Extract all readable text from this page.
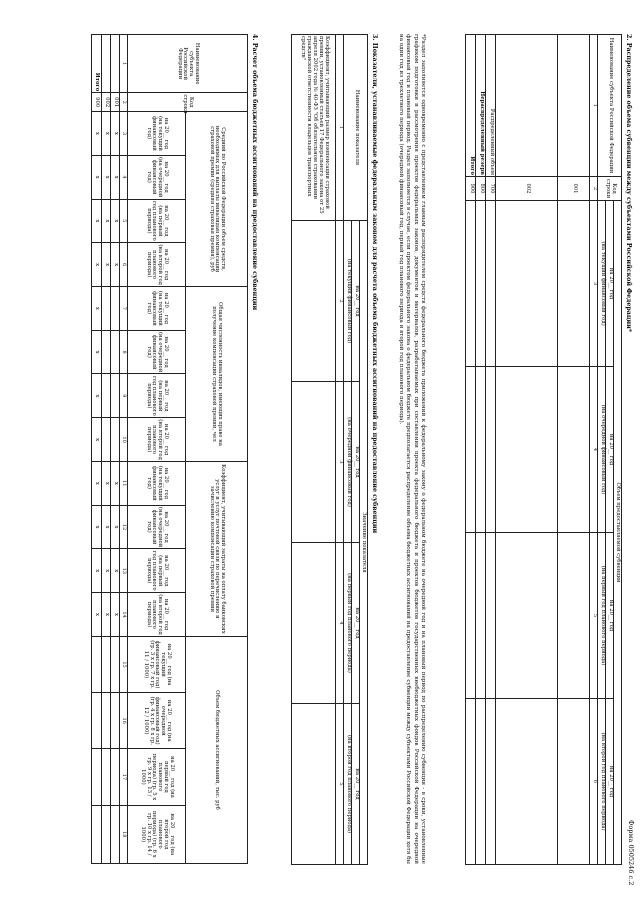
Форма 0505246 с.2
2. Распределение объема субвенции между субъектами Российской Федерации*
Наименование субъекта Российской Федерации	Код строки	Объем предоставляемой субвенции			
		на 20__ год	на 20__ год	на 20__ год	на 20__ год
		(на текущий финансовый год)	(на очередной финансовый год)	(на первый год планового периода)	(на второй год планового периода)
1	2	3	4	5	6
	001				
	002				
Распределенный объем	700				
Нераспределенный резерв	800				
Итого	900				
*Раздел заполняется одновременно с представлением главным распорядителем средств федерального бюджета приложений к федеральному закону о федеральном бюджете на очередной год и на плановый период по распределению субвенции - в сроки, установленные графиком подготовки и рассмотрения проектов федеральных законов, документов и материалов, разрабатываемых при составлении проекта федерального бюджета и проектов бюджетов государственных внебюджетных фондов Российской Федерации на очередной финансовый год и плановый период. Раздел заполняется в случае, если проектом федерального закона о федеральном бюджете предполагается распределение объема бюджетных ассигнований на предоставление субвенции между субъектами Российской Федерации хотя бы на один год из трехлетнего периода (очередной финансовый год, первый год планового периода и второй год планового периода).
3. Показатели, устанавливаемые федеральным законом для расчета объема бюджетных ассигнований на предоставление субвенции
Наименование показателя	Значение показателя			
	на 20__ год	на 20__ год	на 20__ год	на 20__ год
	(на текущий финансовый год)	(на очередной финансовый год)	(на первый год планового периода)	(на второй год планового периода)
1	2	3	4	5
Коэффициент, учитывающий размер компенсации страховой премии, установленный статьей 17 Федерального закона от 25 апреля 2002 года № 40-ФЗ "Об обязательном страховании гражданской ответственности владельцев транспортных средств"				
4. Расчет объема бюджетных ассигнований на предоставление субвенции
Наименование субъекта Российской Федерации	Код строки	Средний по Российской Федерации объем средств, необходимых для выплаты инвалидам компенсации страховой премии (средняя страховая премия), руб				Общая численность инвалидов, имеющих право на получение компенсации страховой премии, чел				Коэффициент, учитывающий затраты на оплату банковских услуг и услуг почтовой связи по перечислению и зачислению компенсации страховой премии				Объем бюджетных ассигнований, тыс. руб			
		на 20__ год (на текущий финансовый год)	на 20__ год (на очередной финансовый год)	на 20__ год (на первый год планового периода)	на 20__ год (на второй год планового периода)	на 20__ год (на текущий финансовый год)	на 20__ год (на очередной финансовый год)	на 20__ год (на первый год планового периода)	на 20__ год (на второй год планового периода)	на 20__ год (на текущий финансовый год)	на 20__ год (на очередной финансовый год)	на 20__ год (на первый год планового периода)	на 20__ год (на второй год планового периода)	на 20__ год (на текущий финансовый год) (гр. 3 x гр. 7 x гр. 11 / 1000)	на 20__ год (на очередной финансовый год) (гр. 4 x гр. 8 x гр. 12 / 1000)	на 20__ год (на первый год планового периода) (гр. 5 x гр. 9 x гр. 13 / 1000)	на 20__ год (на второй год планового периода) (гр. 6 x гр. 10 x гр. 14 / 1000)
1	2	3	4	5	6	7	8	9	10	11	12	13	14	15	16	17	18
	001	х	х	х	х					х	х	х	х				
	002	х	х	х	х					х	х	х	х				
Итого	900	х	х	х	х	х	х	х	х	х	х	х	х				
